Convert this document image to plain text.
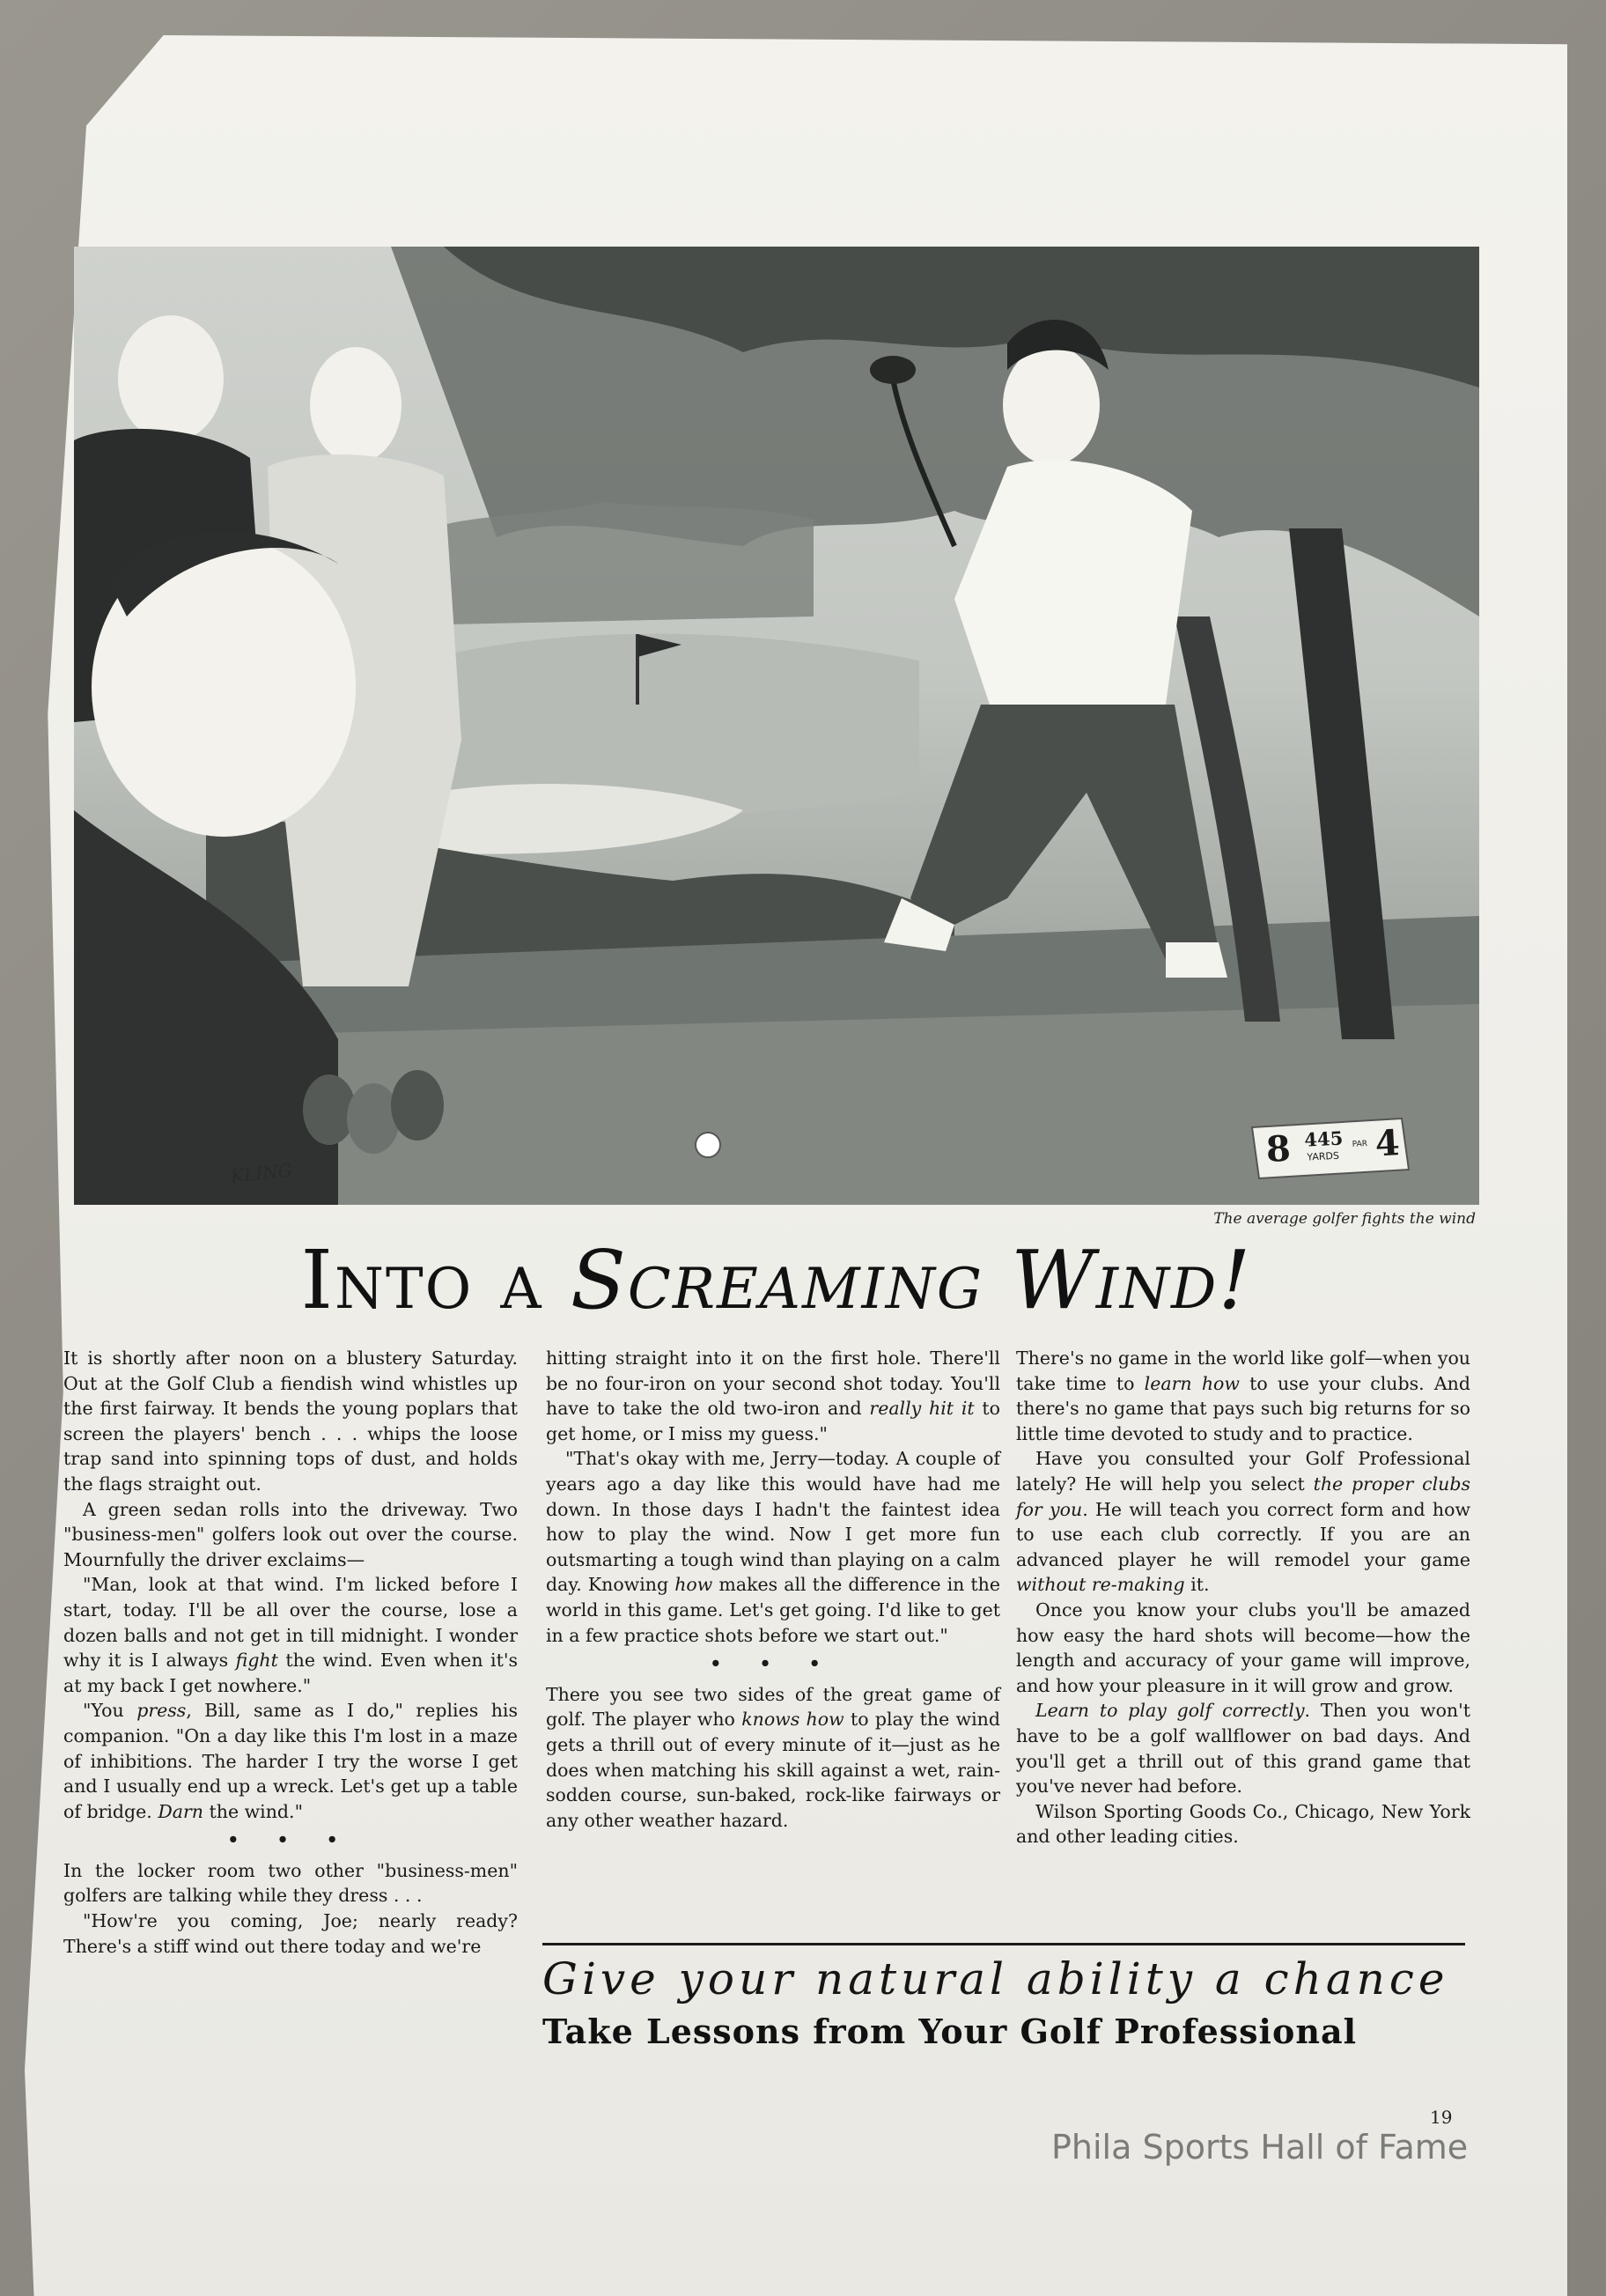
8 445
YARDS
PAR 4
KLING
The average golfer fights the wind
Into a Screaming Wind!

It is shortly after noon on a blustery Saturday. Out at the Golf Club a fiendish wind whistles up the first fairway. It bends the young poplars that screen the players' bench . . . whips the loose trap sand into spinning tops of dust, and holds the flags straight out.

A green sedan rolls into the driveway. Two "business-men" golfers look out over the course. Mournfully the driver exclaims—

"Man, look at that wind. I'm licked before I start, today. I'll be all over the course, lose a dozen balls and not get in till midnight. I wonder why it is I always fight the wind. Even when it's at my back I get nowhere."

"You press, Bill, same as I do," replies his companion. "On a day like this I'm lost in a maze of inhibitions. The harder I try the worse I get and I usually end up a wreck. Let's get up a table of bridge. Darn the wind."

• • •

In the locker room two other "business-men" golfers are talking while they dress . . .

"How're you coming, Joe; nearly ready? There's a stiff wind out there today and we're

hitting straight into it on the first hole. There'll be no four-iron on your second shot today. You'll have to take the old two-iron and really hit it to get home, or I miss my guess."

"That's okay with me, Jerry—today. A couple of years ago a day like this would have had me down. In those days I hadn't the faintest idea how to play the wind. Now I get more fun outsmarting a tough wind than playing on a calm day. Knowing how makes all the difference in the world in this game. Let's get going. I'd like to get in a few practice shots before we start out."

• • •

There you see two sides of the great game of golf. The player who knows how to play the wind gets a thrill out of every minute of it—just as he does when matching his skill against a wet, rain-sodden course, sun-baked, rock-like fairways or any other weather hazard.

There's no game in the world like golf—when you take time to learn how to use your clubs. And there's no game that pays such big returns for so little time devoted to study and to practice.

Have you consulted your Golf Professional lately? He will help you select the proper clubs for you. He will teach you correct form and how to use each club correctly. If you are an advanced player he will remodel your game without re-making it.

Once you know your clubs you'll be amazed how easy the hard shots will become—how the length and accuracy of your game will improve, and how your pleasure in it will grow and grow.

Learn to play golf correctly. Then you won't have to be a golf wallflower on bad days. And you'll get a thrill out of this grand game that you've never had before.

Wilson Sporting Goods Co., Chicago, New York and other leading cities.

Give your natural ability a chance
Take Lessons from Your Golf Professional
19
Phila Sports Hall of Fame
